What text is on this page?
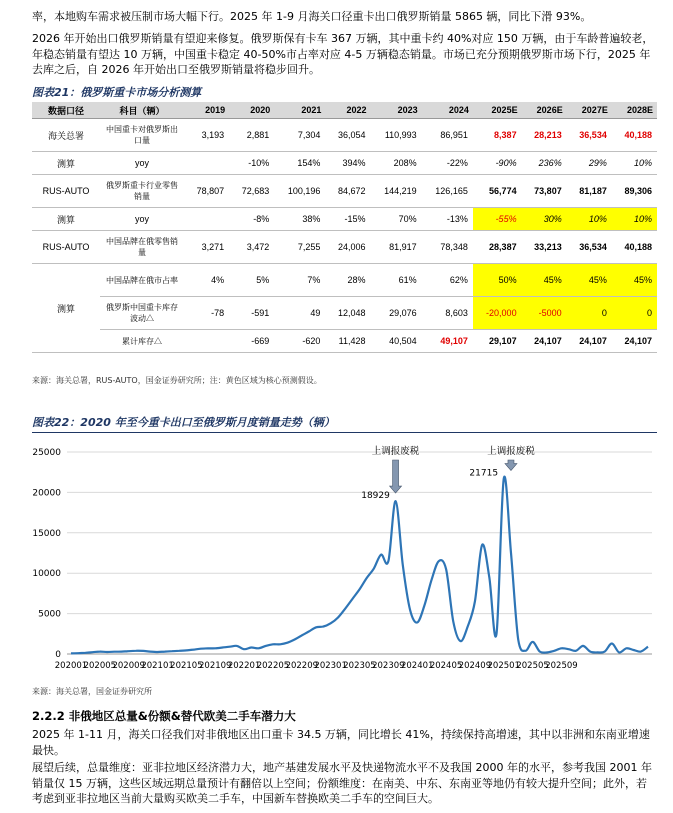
率，本地购车需求被压制市场大幅下行。2025 年 1-9 月海关口径重卡出口俄罗斯销量 5865 辆，同比下滑 93%。

2026 年开始出口俄罗斯销量有望迎来修复。俄罗斯保有卡车 367 万辆，其中重卡约 40%对应 150 万辆，由于车龄普遍较老，年稳态销量有望达 10 万辆，中国重卡稳定 40-50%市占率对应 4-5 万辆稳态销量。市场已充分预期俄罗斯市场下行，2025 年去库之后，自 2026 年开始出口至俄罗斯销量将稳步回升。

图表21：俄罗斯重卡市场分析测算
数据口径	科目（辆）	2019	2020	2021	2022	2023	2024	2025E	2026E	2027E	2028E
海关总署	中国重卡对俄罗斯出口量	3,193	2,881	7,304	36,054	110,993	86,951	8,387	28,213	36,534	40,188
测算	yoy		-10%	154%	394%	208%	-22%	-90%	236%	29%	10%
RUS-AUTO	俄罗斯重卡行业零售销量	78,807	72,683	100,196	84,672	144,219	126,165	56,774	73,807	81,187	89,306
测算	yoy		-8%	38%	-15%	70%	-13%	-55%	30%	10%	10%
RUS-AUTO	中国品牌在俄零售销量	3,271	3,472	7,255	24,006	81,917	78,348	28,387	33,213	36,534	40,188
测算	中国品牌在俄市占率	4%	5%	7%	28%	61%	62%	50%	45%	45%	45%
	俄罗斯中国重卡库存波动△	-78	-591	49	12,048	29,076	8,603	-20,000	-5000	0	0
	累计库存△		-669	-620	11,428	40,504	49,107	29,107	24,107	24,107	24,107
来源：海关总署，RUS-AUTO，国金证券研究所；注：黄色区域为核心预测假设。
图表22：2020 年至今重卡出口至俄罗斯月度销量走势（辆）
0
5000
10000
15000
20000
25000
202001
202005
202009
202101
202105
202109
202201
202205
202209
202301
202305
202309
202401
202405
202409
202501
202505
202509
18929
21715
上调报废税	上调报废税
来源：海关总署，国金证券研究所

2.2.2 非俄地区总量&份额&替代欧美二手车潜力大

2025 年 1-11 月，海关口径我们对非俄地区出口重卡 34.5 万辆，同比增长 41%，持续保持高增速，其中以非洲和东南亚增速最快。

展望后续，总量维度：亚非拉地区经济潜力大，地产基建发展水平及快递物流水平不及我国 2000 年的水平，参考我国 2001 年销量仅 15 万辆，这些区域远期总量预计有翻倍以上空间；份额维度：在南美、中东、东南亚等地仍有较大提升空间；此外，若考虑到亚非拉地区当前大量购买欧美二手车，中国新车替换欧美二手车的空间巨大。
